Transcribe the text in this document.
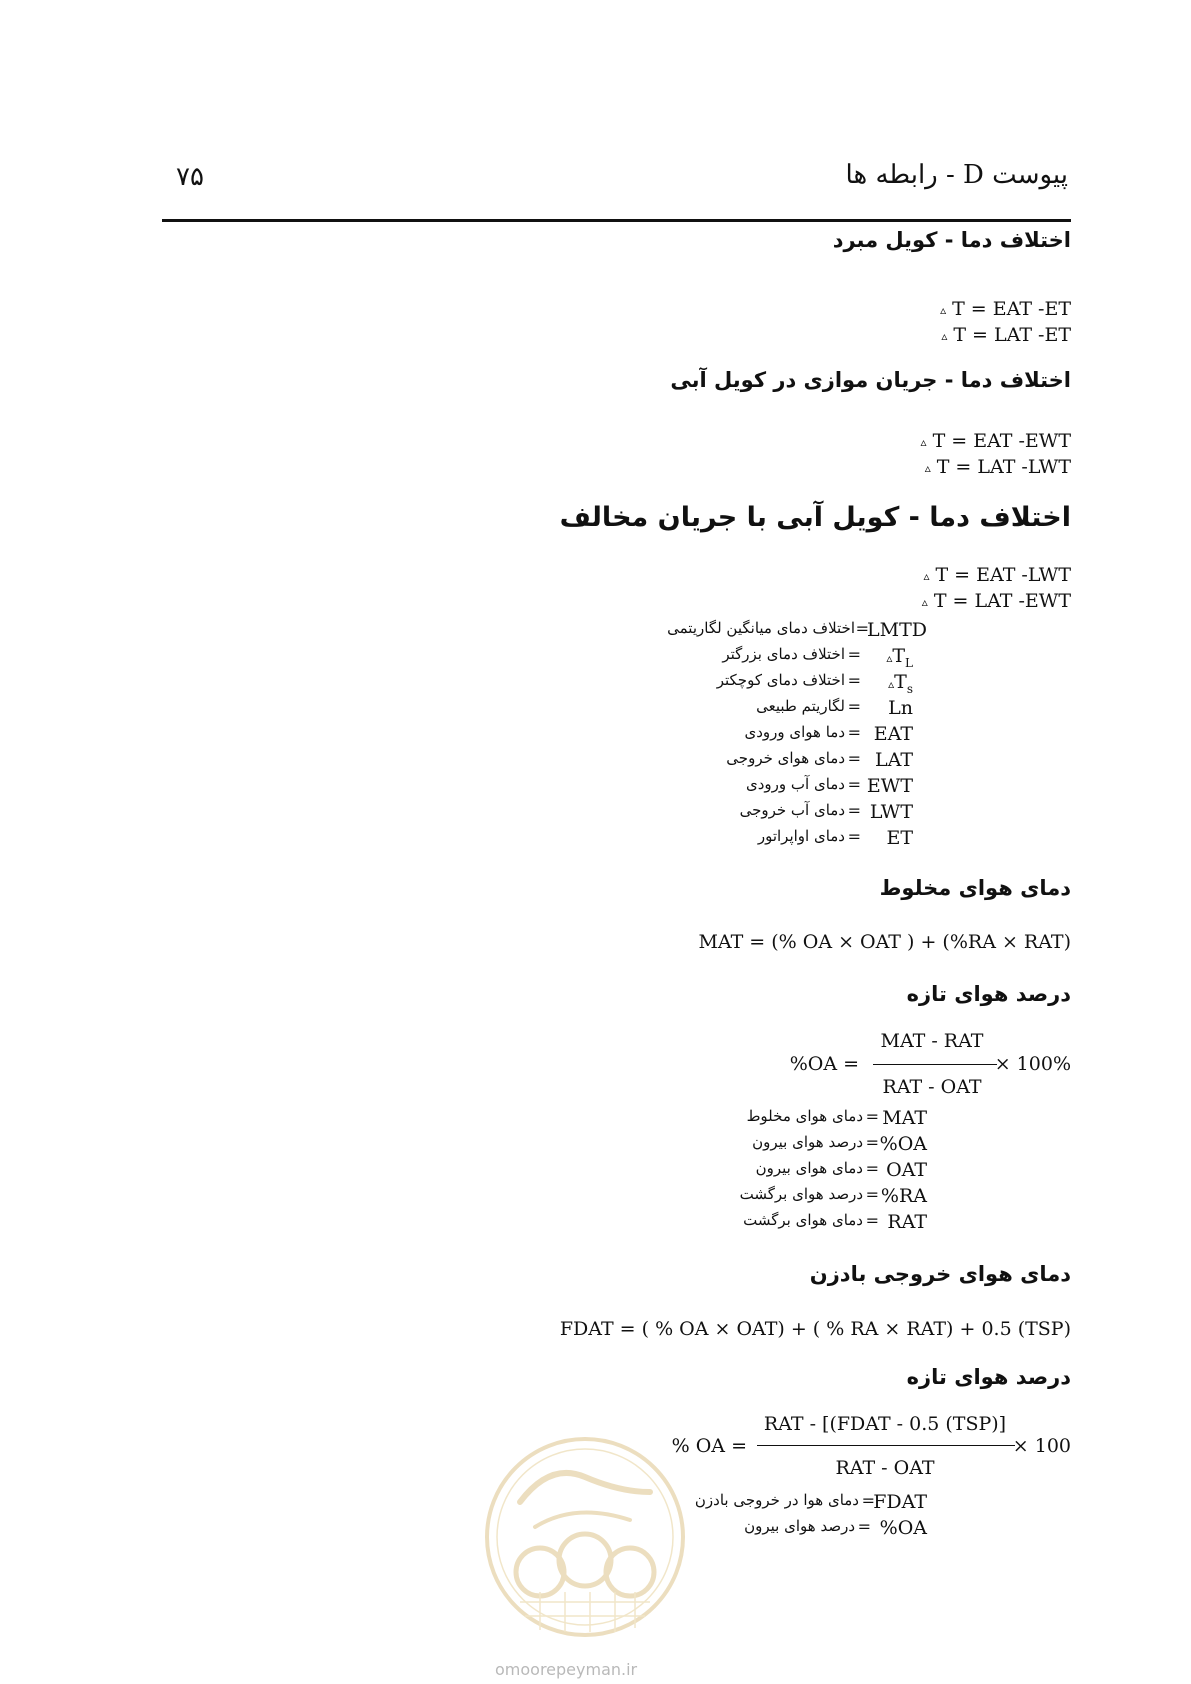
۷۵	پیوست D - رابطه ها
اختلاف دما - کویل مبرد
▵ T = EAT -ET
▵ T = LAT -ET
اختلاف دما - جریان موازی در کویل آبی
▵ T = EAT -EWT
▵ T = LAT -LWT
اختلاف دما - کویل آبی با جریان مخالف
▵ T = EAT -LWT
▵ T = LAT -EWT
LMTD
=
اختلاف دمای میانگین لگاریتمی
$▵T_L$
=
اختلاف دمای بزرگتر
$▵T_s$
=
اختلاف دمای کوچکتر
Ln
=
لگاریتم طبیعی
EAT
=
دما هوای ورودی
LAT
=
دمای هوای خروجی
EWT
=
دمای آب ورودی
LWT
=
دمای آب خروجی
ET
=
دمای اواپراتور
دمای هوای مخلوط
MAT = (% OA × OAT ) + (%RA × RAT)
درصد هوای تازه
× 100%
MAT - RAT
RAT - OAT
%OA =
MAT
=
دمای هوای مخلوط
%OA
=
درصد هوای بیرون
OAT
=
دمای هوای بیرون
%RA
=
درصد هوای برگشت
RAT
=
دمای هوای برگشت
دمای هوای خروجی بادزن
FDAT = ( % OA × OAT) + ( % RA × RAT) + 0.5 (TSP)
درصد هوای تازه
× 100
RAT - [(FDAT - 0.5 (TSP)]
RAT - OAT
% OA =
FDAT
=
دمای هوا در خروجی بادزن
%OA
=
درصد هوای بیرون
omoorepeyman.ir
